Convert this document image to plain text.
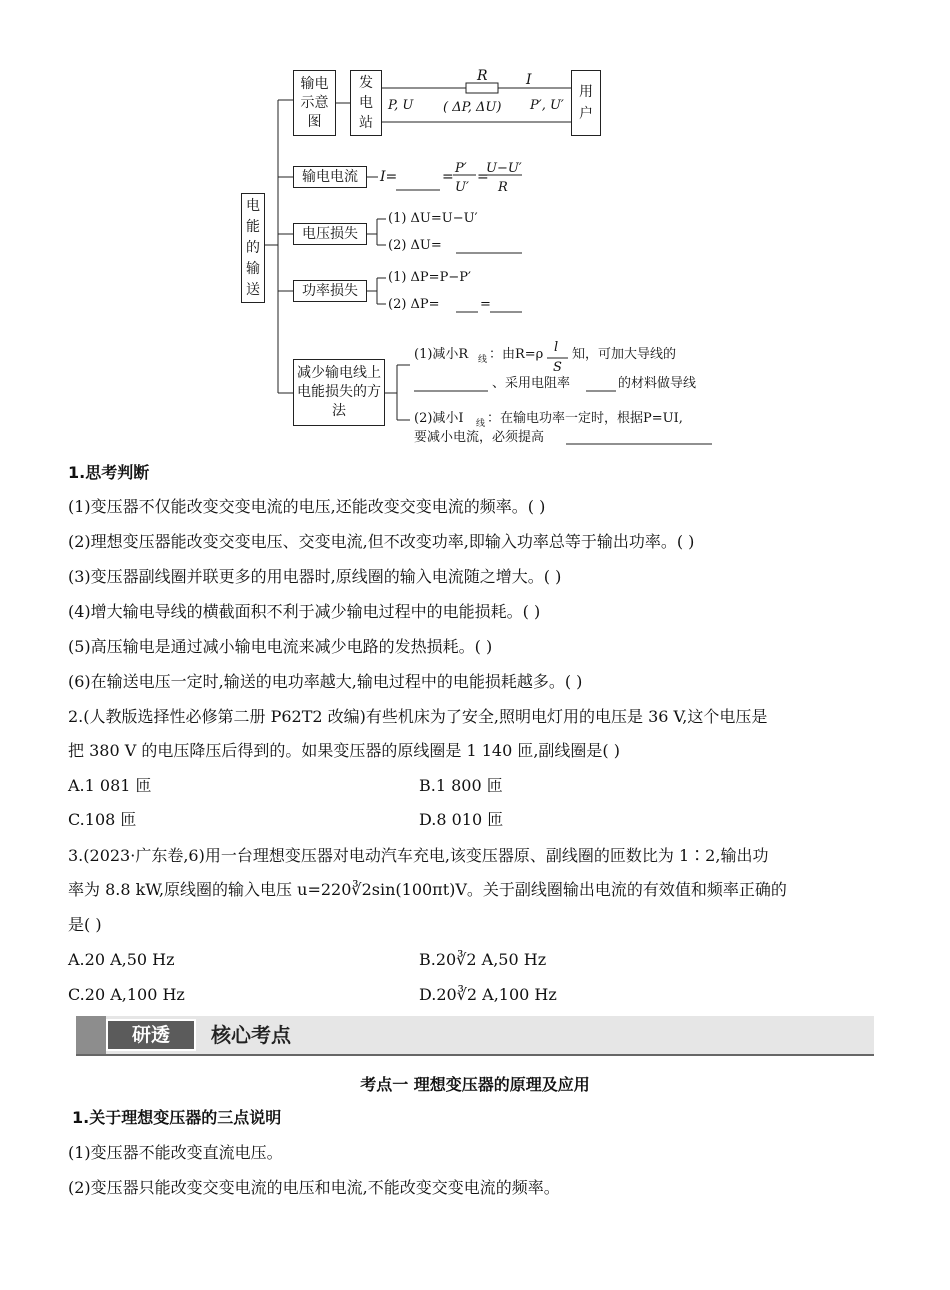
电能的输送
输电示意图
发电站
用户
R	I
P, U ( ΔP, ΔU) P′, U′
输电电流	I=	=
P′
U′
=
U−U′
R
电压损失
(1) ΔU=U−U′
(2) ΔU=
功率损失
(1) ΔP=P−P′
(2) ΔP=	=
减少输电线上电能损失的方法
(1)减小R 线 ：由R=ρ l
S
知，可加大导线的
、采用电阻率	的材料做导线
(2)减小I 线 ：在输电功率一定时，根据P=UI,
要减小电流，必须提高
1.思考判断
(1)变压器不仅能改变交变电流的电压,还能改变交变电流的频率。( )
(2)理想变压器能改变交变电压、交变电流,但不改变功率,即输入功率总等于输出功率。( )
(3)变压器副线圈并联更多的用电器时,原线圈的输入电流随之增大。( )
(4)增大输电导线的横截面积不利于减少输电过程中的电能损耗。( )
(5)高压输电是通过减小输电电流来减少电路的发热损耗。( )
(6)在输送电压一定时,输送的电功率越大,输电过程中的电能损耗越多。( )
2.(人教版选择性必修第二册 P62T2 改编)有些机床为了安全,照明电灯用的电压是 36 V,这个电压是
把 380 V 的电压降压后得到的。如果变压器的原线圈是 1 140 匝,副线圈是( )
A.1 081 匝	B.1 800 匝
C.108 匝	D.8 010 匝
3.(2023·广东卷,6)用一台理想变压器对电动汽车充电,该变压器原、副线圈的匝数比为 1∶2,输出功
率为 8.8 kW,原线圈的输入电压 u=220∛2sin(100πt)V。关于副线圈输出电流的有效值和频率正确的
是( )
A.20 A,50 Hz	B.20∛2 A,50 Hz
C.20 A,100 Hz	D.20∛2 A,100 Hz
研透	核心考点
考点一 理想变压器的原理及应用
1.关于理想变压器的三点说明
(1)变压器不能改变直流电压。
(2)变压器只能改变交变电流的电压和电流,不能改变交变电流的频率。
